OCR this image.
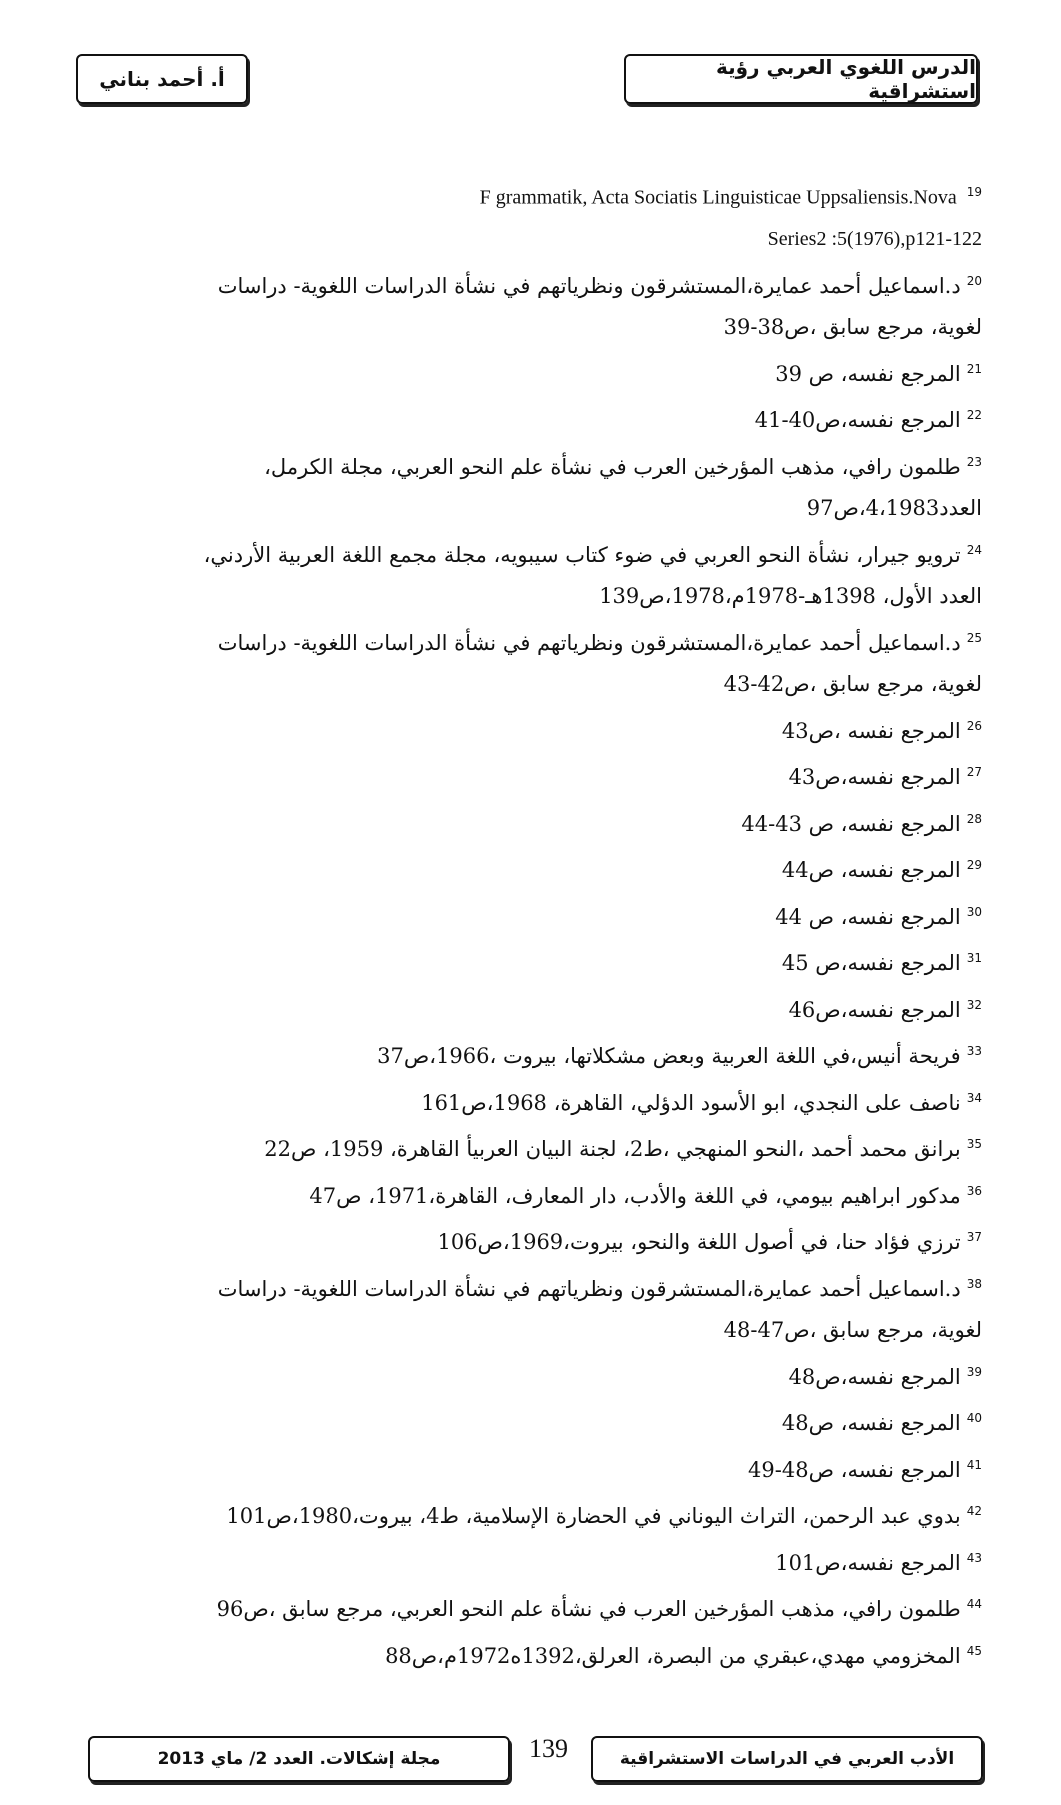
الدرس اللغوي العربي رؤية استشراقية
أ. أحمد بناني

F grammatik, Acta Sociatis Linguisticae Uppsaliensis.Nova $^{19}$
Series2 :5(1976),p121-122

$^{20}$د.اسماعيل أحمد عمايرة،المستشرقون ونظرياتهم في نشأة الدراسات اللغوية- دراسات
لغوية، مرجع سابق ،ص38-39

$^{21}$المرجع نفسه، ص 39

$^{22}$المرجع نفسه،ص40-41

$^{23}$طلمون رافي، مذهب المؤرخين العرب في نشأة علم النحو العربي، مجلة الكرمل،
العدد4،1983،ص97

$^{24}$ترويو جيرار، نشأة النحو العربي في ضوء كتاب سيبويه، مجلة مجمع اللغة العربية الأردني،
العدد الأول، 1398هـ-1978م،1978،ص139

$^{25}$د.اسماعيل أحمد عمايرة،المستشرقون ونظرياتهم في نشأة الدراسات اللغوية- دراسات
لغوية، مرجع سابق ،ص42-43

$^{26}$المرجع نفسه ،ص43

$^{27}$المرجع نفسه،ص43

$^{28}$المرجع نفسه، ص 43-44

$^{29}$المرجع نفسه، ص44

$^{30}$المرجع نفسه، ص 44

$^{31}$المرجع نفسه،ص 45

$^{32}$المرجع نفسه،ص46

$^{33}$فريحة أنيس،في اللغة العربية وبعض مشكلاتها، بيروت ،1966،ص37

$^{34}$ناصف على النجدي، ابو الأسود الدؤلي، القاهرة، 1968،ص161

$^{35}$برانق محمد أحمد ،النحو المنهجي ،ط2، لجنة البيان العربيأ القاهرة، 1959، ص22

$^{36}$مدكور ابراهيم بيومي، في اللغة والأدب، دار المعارف، القاهرة،1971، ص47

$^{37}$ترزي فؤاد حنا، في أصول اللغة والنحو، بيروت،1969،ص106

$^{38}$د.اسماعيل أحمد عمايرة،المستشرقون ونظرياتهم في نشأة الدراسات اللغوية- دراسات
لغوية، مرجع سابق ،ص47-48

$^{39}$المرجع نفسه،ص48

$^{40}$المرجع نفسه، ص48

$^{41}$المرجع نفسه، ص48-49

$^{42}$بدوي عبد الرحمن، التراث اليوناني في الحضارة الإسلامية، ط4، بيروت،1980،ص101

$^{43}$المرجع نفسه،ص101

$^{44}$طلمون رافي، مذهب المؤرخين العرب في نشأة علم النحو العربي، مرجع سابق ،ص96

$^{45}$المخزومي مهدي،عبقري من البصرة، العرلق،1392ه1972م،ص88

الأدب العربي في الدراسات الاستشراقية
139
مجلة إشكالات. العدد 2/ ماي 2013
